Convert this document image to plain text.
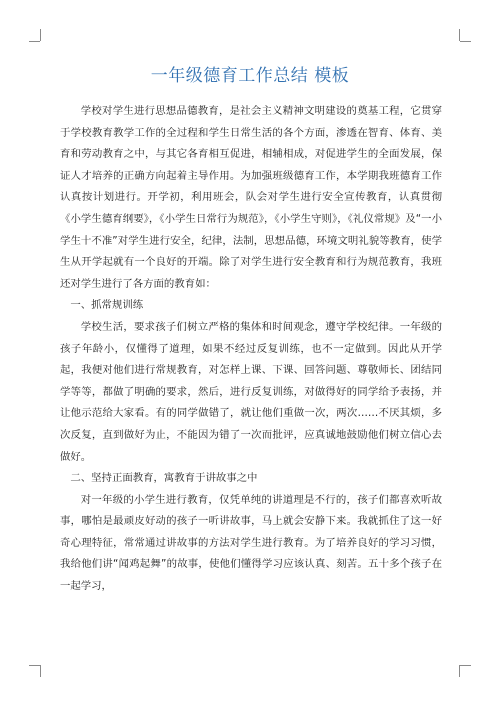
一年级德育工作总结 模板

学校对学生进行思想品德教育，是社会主义精神文明建设的奠基工程，它贯穿于学校教育教学工作的全过程和学生日常生活的各个方面，渗透在智育、体育、美育和劳动教育之中，与其它各育相互促进，相辅相成，对促进学生的全面发展，保证人才培养的正确方向起着主导作用。为加强班级德育工作，本学期我班德育工作认真按计划进行。开学初，利用班会，队会对学生进行安全宣传教育，认真贯彻《小学生德育纲要》，《小学生日常行为规范》，《小学生守则》，《礼仪常规》及“一小学生十不准”对学生进行安全，纪律，法制，思想品德，环境文明礼貌等教育，使学生从开学起就有一个良好的开端。除了对学生进行安全教育和行为规范教育，我班还对学生进行了各方面的教育如：

一、抓常规训练

学校生活，要求孩子们树立严格的集体和时间观念，遵守学校纪律。一年级的孩子年龄小，仅懂得了道理，如果不经过反复训练，也不一定做到。因此从开学起，我便对他们进行常规教育，对怎样上课、下课、回答问题、尊敬师长、团结同学等等，都做了明确的要求，然后，进行反复训练，对做得好的同学给予表扬，并让他示范给大家看。有的同学做错了，就让他们重做一次，两次……不厌其烦，多次反复，直到做好为止，不能因为错了一次而批评，应真诚地鼓励他们树立信心去做好。

二、坚持正面教育，寓教育于讲故事之中

对一年级的小学生进行教育，仅凭单纯的讲道理是不行的，孩子们都喜欢听故事，哪怕是最顽皮好动的孩子一听讲故事，马上就会安静下来。我就抓住了这一好奇心理特征，常常通过讲故事的方法对学生进行教育。为了培养良好的学习习惯，我给他们讲“闻鸡起舞”的故事，使他们懂得学习应该认真、刻苦。五十多个孩子在一起学习，
